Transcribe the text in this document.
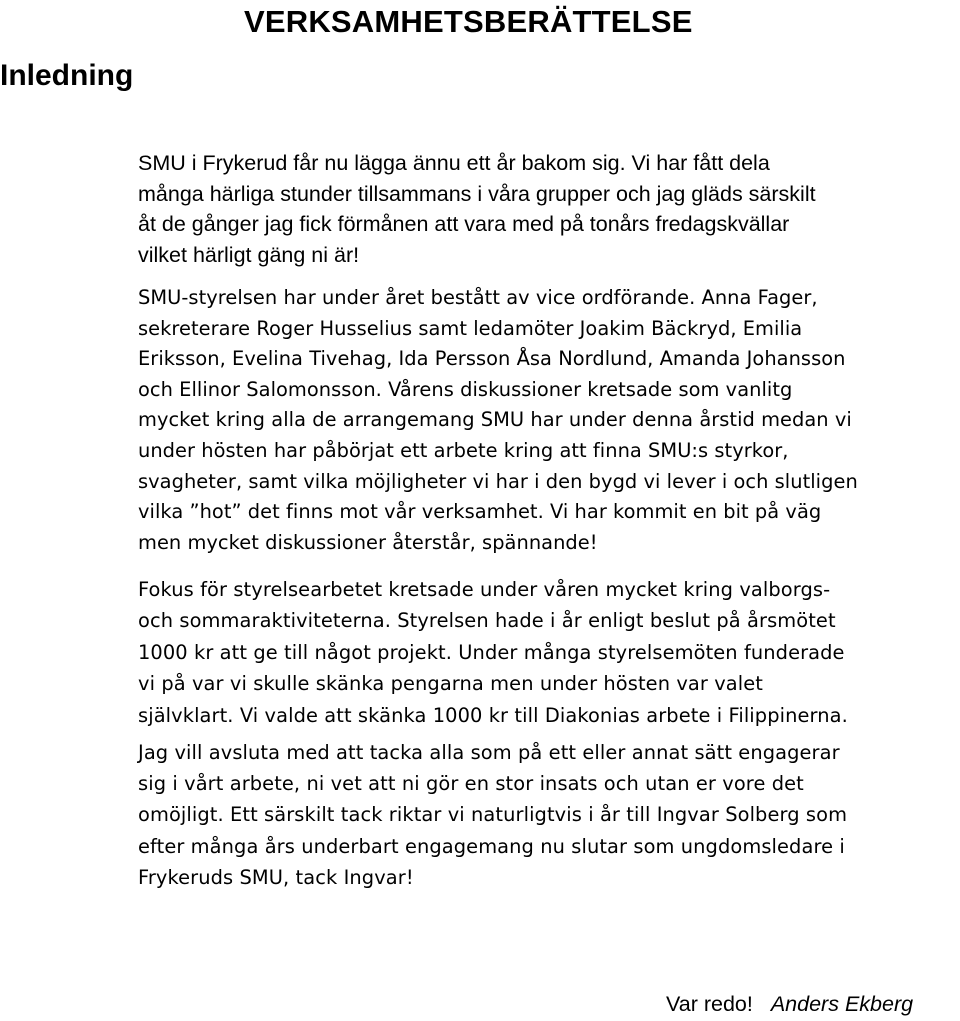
VERKSAMHETSBERÄTTELSE
Inledning

SMU i Frykerud får nu lägga ännu ett år bakom sig. Vi har fått dela
många härliga stunder tillsammans i våra grupper och jag gläds särskilt
åt de gånger jag fick förmånen att vara med på tonårs fredagskvällar
vilket härligt gäng ni är!

SMU-styrelsen har under året bestått av vice ordförande. Anna Fager,
sekreterare Roger Husselius samt ledamöter Joakim Bäckryd, Emilia
Eriksson, Evelina Tivehag, Ida Persson Åsa Nordlund, Amanda Johansson
och Ellinor Salomonsson. Vårens diskussioner kretsade som vanlitg
mycket kring alla de arrangemang SMU har under denna årstid medan vi
under hösten har påbörjat ett arbete kring att finna SMU:s styrkor,
svagheter, samt vilka möjligheter vi har i den bygd vi lever i och slutligen
vilka ”hot” det finns mot vår verksamhet. Vi har kommit en bit på väg
men mycket diskussioner återstår, spännande!

Fokus för styrelsearbetet kretsade under våren mycket kring valborgs-
och sommaraktiviteterna. Styrelsen hade i år enligt beslut på årsmötet
1000 kr att ge till något projekt. Under många styrelsemöten funderade
vi på var vi skulle skänka pengarna men under hösten var valet
självklart. Vi valde att skänka 1000 kr till Diakonias arbete i Filippinerna.

Jag vill avsluta med att tacka alla som på ett eller annat sätt engagerar
sig i vårt arbete, ni vet att ni gör en stor insats och utan er vore det
omöjligt. Ett särskilt tack riktar vi naturligtvis i år till Ingvar Solberg som
efter många års underbart engagemang nu slutar som ungdomsledare i
Frykeruds SMU, tack Ingvar!

Var redo! Anders Ekberg
